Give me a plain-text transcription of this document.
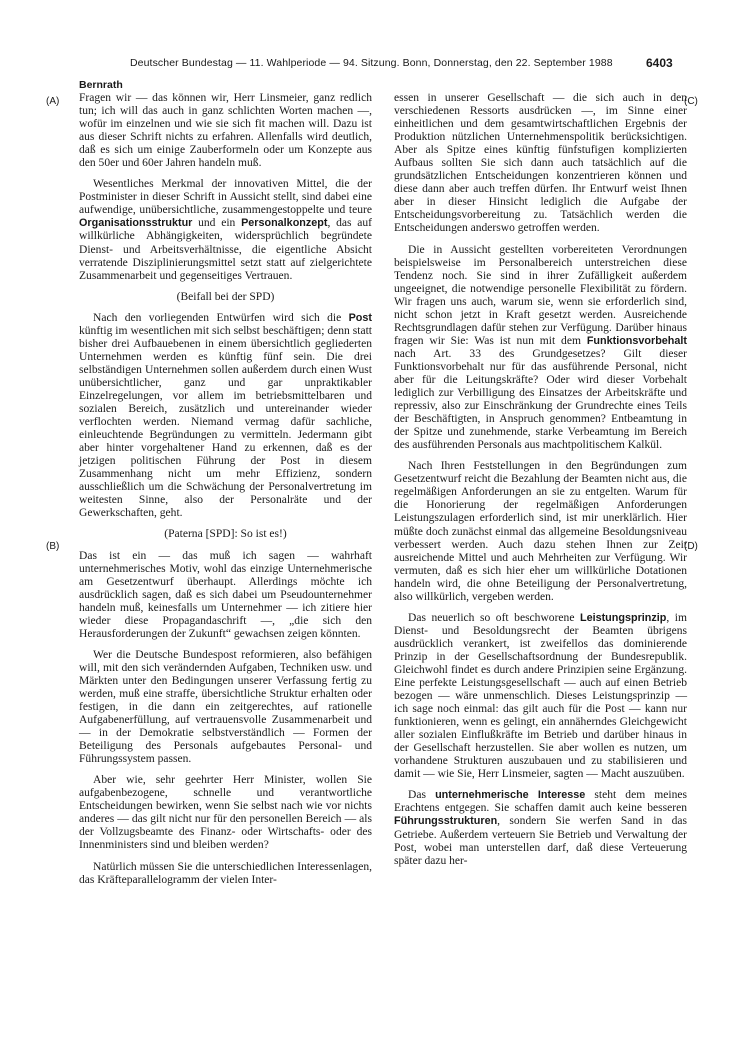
Deutscher Bundestag — 11. Wahlperiode — 94. Sitzung. Bonn, Donnerstag, den 22. September 1988	6403
Bernrath
(A)
(B)
(C)
(D)

Fragen wir — das können wir, Herr Linsmeier, ganz redlich tun; ich will das auch in ganz schlichten Worten machen —, wofür im einzelnen und wie sie sich fit machen will. Dazu ist aus dieser Schrift nichts zu erfahren. Allenfalls wird deutlich, daß es sich um einige Zauberformeln oder um Konzepte aus den 50er und 60er Jahren handeln muß.

Wesentliches Merkmal der innovativen Mittel, die der Postminister in dieser Schrift in Aussicht stellt, sind dabei eine aufwendige, unübersichtliche, zusammengestoppelte und teure Organisationsstruktur und ein Personalkonzept, das auf willkürliche Abhängigkeiten, widersprüchlich begründete Dienst- und Arbeitsverhältnisse, die eigentliche Absicht verratende Disziplinierungsmittel setzt statt auf zielgerichtete Zusammenarbeit und gegenseitiges Vertrauen.

(Beifall bei der SPD)

Nach den vorliegenden Entwürfen wird sich die Post künftig im wesentlichen mit sich selbst beschäftigen; denn statt bisher drei Aufbauebenen in einem übersichtlich gegliederten Unternehmen werden es künftig fünf sein. Die drei selbständigen Unternehmen sollen außerdem durch einen Wust unübersichtlicher, ganz und gar unpraktikabler Einzelregelungen, vor allem im betriebsmittelbaren und sozialen Bereich, zusätzlich und untereinander wieder verflochten werden. Niemand vermag dafür sachliche, einleuchtende Begründungen zu vermitteln. Jedermann gibt aber hinter vorgehaltener Hand zu erkennen, daß es der jetzigen politischen Führung der Post in diesem Zusammenhang nicht um mehr Effizienz, sondern ausschließlich um die Schwächung der Personalvertretung im weitesten Sinne, also der Personalräte und der Gewerkschaften, geht.

(Paterna [SPD]: So ist es!)

Das ist ein — das muß ich sagen — wahrhaft unternehmerisches Motiv, wohl das einzige Unternehmerische am Gesetzentwurf überhaupt. Allerdings möchte ich ausdrücklich sagen, daß es sich dabei um Pseudounternehmer handeln muß, keinesfalls um Unternehmer — ich zitiere hier wieder diese Propagandaschrift —, „die sich den Herausforderungen der Zukunft“ gewachsen zeigen könnten.

Wer die Deutsche Bundespost reformieren, also befähigen will, mit den sich verändernden Aufgaben, Techniken usw. und Märkten unter den Bedingungen unserer Verfassung fertig zu werden, muß eine straffe, übersichtliche Struktur erhalten oder festigen, in die dann ein zeitgerechtes, auf rationelle Aufgabenerfüllung, auf vertrauensvolle Zusammenarbeit und — in der Demokratie selbstverständlich — Formen der Beteiligung des Personals aufgebautes Personal- und Führungssystem passen.

Aber wie, sehr geehrter Herr Minister, wollen Sie aufgabenbezogene, schnelle und verantwortliche Entscheidungen bewirken, wenn Sie selbst nach wie vor nichts anderes — das gilt nicht nur für den personellen Bereich — als der Vollzugsbeamte des Finanz- oder Wirtschafts- oder des Innenministers sind und bleiben werden?

Natürlich müssen Sie die unterschiedlichen Interessenlagen, das Kräfteparallelogramm der vielen Inter-

essen in unserer Gesellschaft — die sich auch in den verschiedenen Ressorts ausdrücken —, im Sinne einer einheitlichen und dem gesamtwirtschaftlichen Ergebnis der Produktion nützlichen Unternehmenspolitik berücksichtigen. Aber als Spitze eines künftig fünfstufigen komplizierten Aufbaus sollten Sie sich dann auch tatsächlich auf die grundsätzlichen Entscheidungen konzentrieren können und diese dann aber auch treffen dürfen. Ihr Entwurf weist Ihnen aber in dieser Hinsicht lediglich die Aufgabe der Entscheidungsvorbereitung zu. Tatsächlich werden die Entscheidungen anderswo getroffen werden.

Die in Aussicht gestellten vorbereiteten Verordnungen beispielsweise im Personalbereich unterstreichen diese Tendenz noch. Sie sind in ihrer Zufälligkeit außerdem ungeeignet, die notwendige personelle Flexibilität zu fördern. Wir fragen uns auch, warum sie, wenn sie erforderlich sind, nicht schon jetzt in Kraft gesetzt werden. Ausreichende Rechtsgrundlagen dafür stehen zur Verfügung. Darüber hinaus fragen wir Sie: Was ist nun mit dem Funktionsvorbehalt nach Art. 33 des Grundgesetzes? Gilt dieser Funktionsvorbehalt nur für das ausführende Personal, nicht aber für die Leitungskräfte? Oder wird dieser Vorbehalt lediglich zur Verbilligung des Einsatzes der Arbeitskräfte und repressiv, also zur Einschränkung der Grundrechte eines Teils der Beschäftigten, in Anspruch genommen? Entbeamtung in der Spitze und zunehmende, starke Verbeamtung im Bereich des ausführenden Personals aus machtpolitischem Kalkül.

Nach Ihren Feststellungen in den Begründungen zum Gesetzentwurf reicht die Bezahlung der Beamten nicht aus, die regelmäßigen Anforderungen an sie zu entgelten. Warum für die Honorierung der regelmäßigen Anforderungen Leistungszulagen erforderlich sind, ist mir unerklärlich. Hier müßte doch zunächst einmal das allgemeine Besoldungsniveau verbessert werden. Auch dazu stehen Ihnen zur Zeit ausreichende Mittel und auch Mehrheiten zur Verfügung. Wir vermuten, daß es sich hier eher um willkürliche Dotationen handeln wird, die ohne Beteiligung der Personalvertretung, also willkürlich, vergeben werden.

Das neuerlich so oft beschworene Leistungsprinzip, im Dienst- und Besoldungsrecht der Beamten übrigens ausdrücklich verankert, ist zweifellos das dominierende Prinzip in der Gesellschaftsordnung der Bundesrepublik. Gleichwohl findet es durch andere Prinzipien seine Ergänzung. Eine perfekte Leistungsgesellschaft — auch auf einen Betrieb bezogen — wäre unmenschlich. Dieses Leistungsprinzip — ich sage noch einmal: das gilt auch für die Post — kann nur funktionieren, wenn es gelingt, ein annäherndes Gleichgewicht aller sozialen Einflußkräfte im Betrieb und darüber hinaus in der Gesellschaft herzustellen. Sie aber wollen es nutzen, um vorhandene Strukturen auszubauen und zu stabilisieren und damit — wie Sie, Herr Linsmeier, sagten — Macht auszuüben.

Das unternehmerische Interesse steht dem meines Erachtens entgegen. Sie schaffen damit auch keine besseren Führungsstrukturen, sondern Sie werfen Sand in das Getriebe. Außerdem verteuern Sie Betrieb und Verwaltung der Post, wobei man unterstellen darf, daß diese Verteuerung später dazu her-
